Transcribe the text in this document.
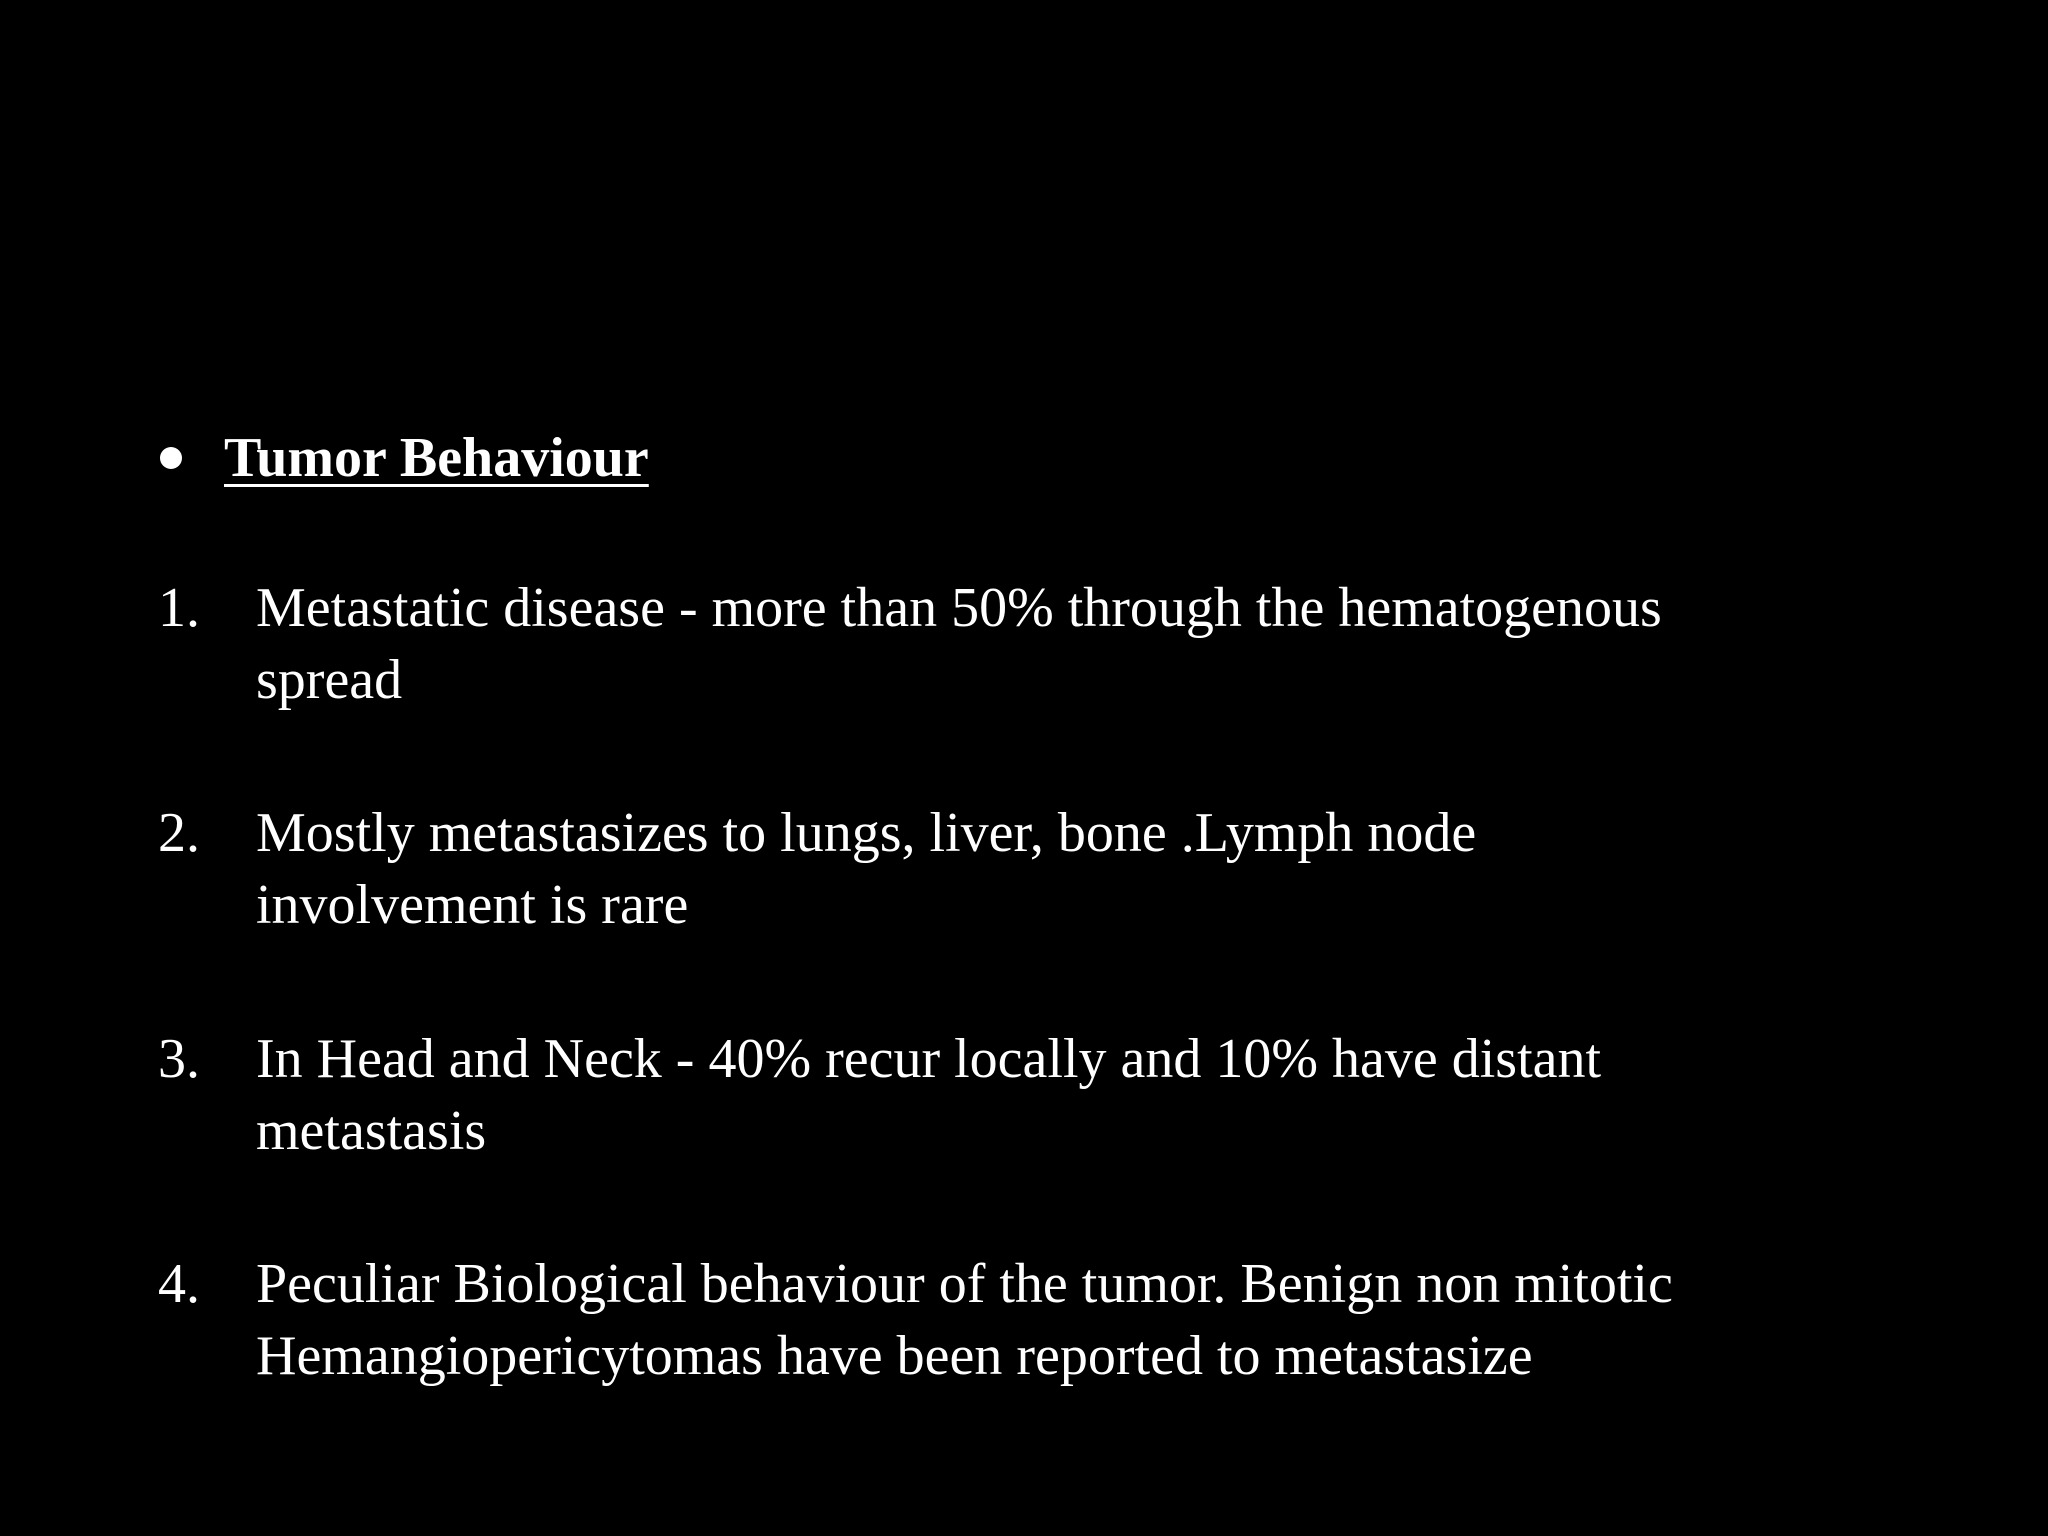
Tumor Behaviour
1. Metastatic disease - more than 50% through the hematogenous
spread
2. Mostly metastasizes to lungs, liver, bone .Lymph node
involvement is rare
3. In Head and Neck - 40% recur locally and 10% have distant
metastasis
4. Peculiar Biological behaviour of the tumor. Benign non mitotic
Hemangiopericytomas have been reported to metastasize
